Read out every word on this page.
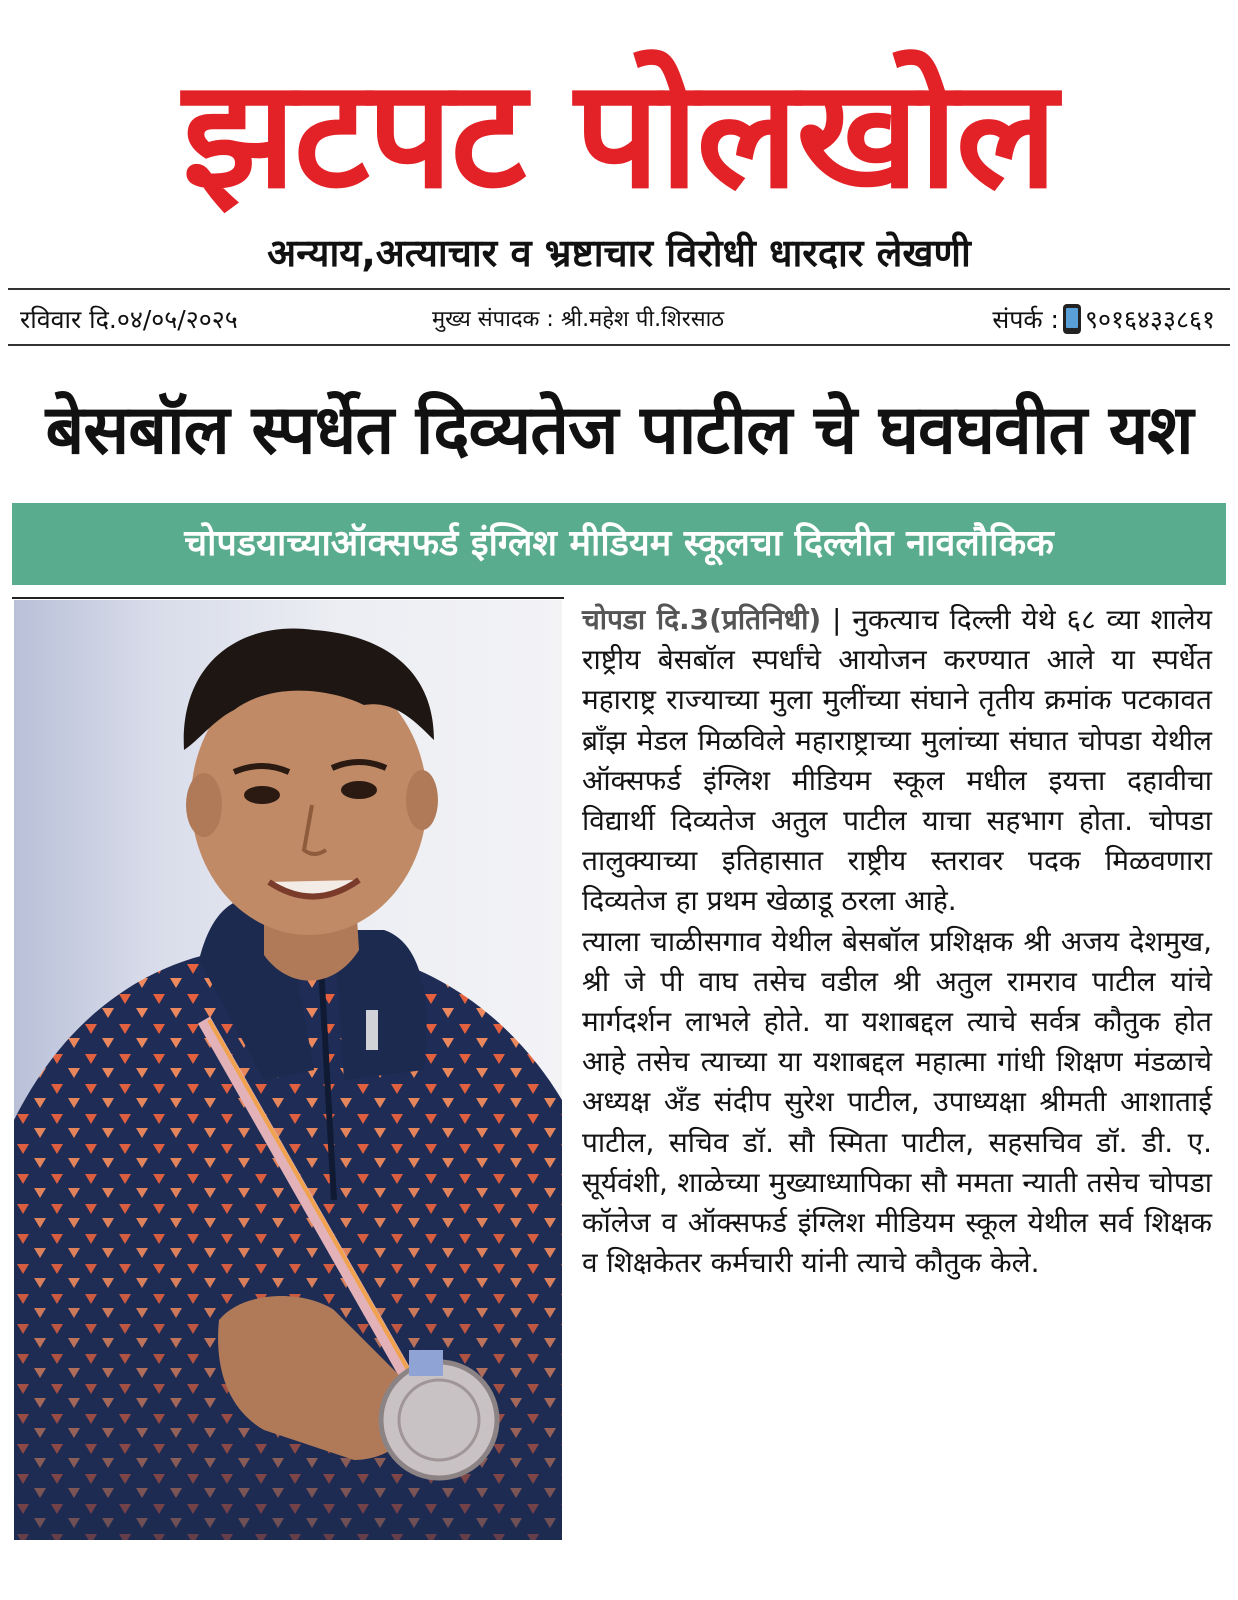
झटपट पोलखोल
अन्याय,अत्याचार व भ्रष्टाचार विरोधी धारदार लेखणी
रविवार दि.०४/०५/२०२५	मुख्य संपादक : श्री.महेश पी.शिरसाठ	संपर्क : ९०१६४३३८६१
बेसबॉल स्पर्धेत दिव्यतेज पाटील चे घवघवीत यश
चोपडयाच्याऑक्सफर्ड इंग्लिश मीडियम स्कूलचा दिल्लीत नावलौकिक

चोपडा दि.3(प्रतिनिधी) | नुकत्याच दिल्ली येथे ६८ व्या शालेय राष्ट्रीय बेसबॉल स्पर्धांचे आयोजन करण्यात आले या स्पर्धेत महाराष्ट्र राज्याच्या मुला मुलींच्या संघाने तृतीय क्रमांक पटकावत ब्राँझ मेडल मिळविले महाराष्ट्राच्या मुलांच्या संघात चोपडा येथील ऑक्सफर्ड इंग्लिश मीडियम स्कूल मधील इयत्ता दहावीचा विद्यार्थी दिव्यतेज अतुल पाटील याचा सहभाग होता. चोपडा तालुक्याच्या इतिहासात राष्ट्रीय स्तरावर पदक मिळवणारा दिव्यतेज हा प्रथम खेळाडू ठरला आहे.

त्याला चाळीसगाव येथील बेसबॉल प्रशिक्षक श्री अजय देशमुख, श्री जे पी वाघ तसेच वडील श्री अतुल रामराव पाटील यांचे मार्गदर्शन लाभले होते. या यशाबद्दल त्याचे सर्वत्र कौतुक होत आहे तसेच त्याच्या या यशाबद्दल महात्मा गांधी शिक्षण मंडळाचे अध्यक्ष अँड संदीप सुरेश पाटील, उपाध्यक्षा श्रीमती आशाताई पाटील, सचिव डॉ. सौ स्मिता पाटील, सहसचिव डॉ. डी. ए. सूर्यवंशी, शाळेच्या मुख्याध्यापिका सौ ममता न्याती तसेच चोपडा कॉलेज व ऑक्सफर्ड इंग्लिश मीडियम स्कूल येथील सर्व शिक्षक व शिक्षकेतर कर्मचारी यांनी त्याचे कौतुक केले.
